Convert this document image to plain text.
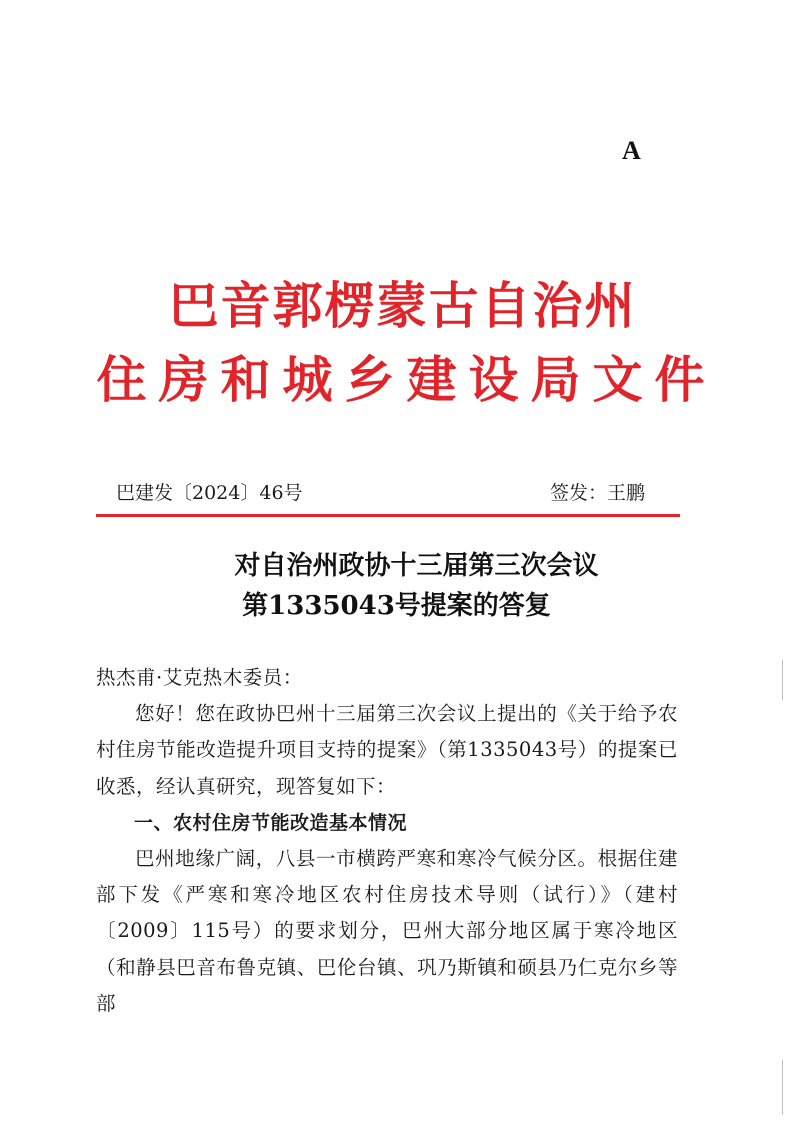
A
巴音郭楞蒙古自治州
住房和城乡建设局文件
巴建发〔2024〕46号	签发：王鹏
对自治州政协十三届第三次会议
第1335043号提案的答复

热杰甫·艾克热木委员：

您好！您在政协巴州十三届第三次会议上提出的《关于给予农村住房节能改造提升项目支持的提案》（第1335043号）的提案已收悉，经认真研究，现答复如下：

一、农村住房节能改造基本情况

巴州地缘广阔，八县一市横跨严寒和寒冷气候分区。根据住建部下发《严寒和寒冷地区农村住房技术导则（试行）》（建村〔2009〕115号）的要求划分，巴州大部分地区属于寒冷地区（和静县巴音布鲁克镇、巴伦台镇、巩乃斯镇和硕县乃仁克尔乡等部
